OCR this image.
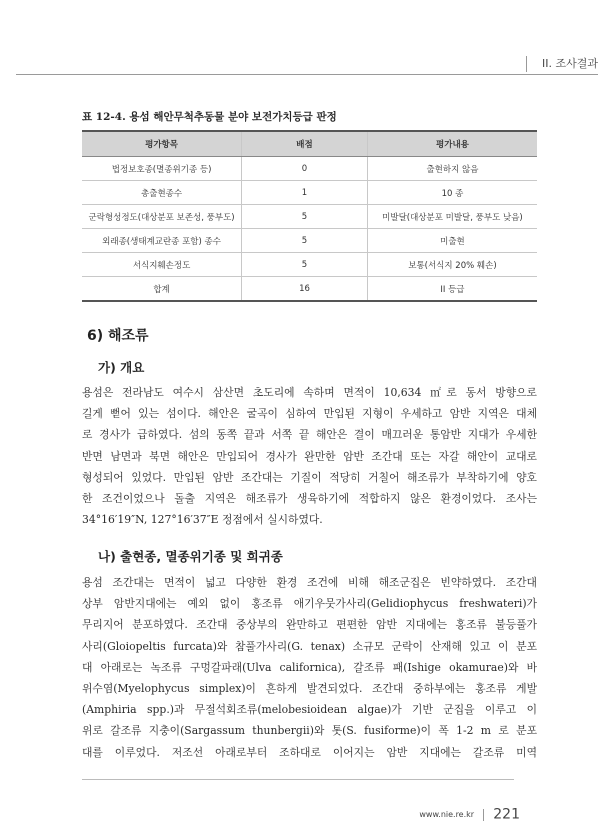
II. 조사결과
표 12-4. 용섬 해안무척추동물 분야 보전가치등급 판정
평가항목	배점	평가내용
법정보호종(멸종위기종 등)	0	출현하지 않음
총출현종수	1	10 종
군락형성정도(대상분포 보존성, 풍부도)	5	미발달(대상분포 미발달, 풍부도 낮음)
외래종(생태계교란종 포함) 종수	5	미출현
서식지훼손정도	5	보통(서식지 20% 훼손)
합계	16	II 등급
6) 해조류
가) 개요
용섬은 전라남도 여수시 삼산면 초도리에 속하며 면적이 10,634 ㎡로 동서 방향으로
길게 뻗어 있는 섬이다. 해안은 굴곡이 심하여 만입된 지형이 우세하고 암반 지역은 대체
로 경사가 급하였다. 섬의 동쪽 끝과 서쪽 끝 해안은 결이 매끄러운 통암반 지대가 우세한
반면 남면과 북면 해안은 만입되어 경사가 완만한 암반 조간대 또는 자갈 해안이 교대로
형성되어 있었다. 만입된 암반 조간대는 기질이 적당히 거칠어 해조류가 부착하기에 양호
한 조건이었으나 돌출 지역은 해조류가 생육하기에 적합하지 않은 환경이었다. 조사는
34°16′19″N, 127°16′37″E 정점에서 실시하였다.
나) 출현종, 멸종위기종 및 희귀종
용섬 조간대는 면적이 넓고 다양한 환경 조건에 비해 해조군집은 빈약하였다. 조간대
상부 암반지대에는 예외 없이 홍조류 애기우뭇가사리(Gelidiophycus freshwateri)가
무리지어 분포하였다. 조간대 중상부의 완만하고 편편한 암반 지대에는 홍조류 불등풀가
사리(Gloiopeltis furcata)와 참풀가사리(G. tenax) 소규모 군락이 산재해 있고 이 분포
대 아래로는 녹조류 구멍갈파래(Ulva californica), 갈조류 패(Ishige okamurae)와 바
위수염(Myelophycus simplex)이 흔하게 발견되었다. 조간대 중하부에는 홍조류 게발
(Amphiria spp.)과 무절석회조류(melobesioidean algae)가 기반 군집을 이루고 이
위로 갈조류 지충이(Sargassum thunbergii)와 톳(S. fusiforme)이 폭 1-2 m 로 분포
대를 이루었다. 저조선 아래로부터 조하대로 이어지는 암반 지대에는 갈조류 미역
www.nie.re.kr 221
